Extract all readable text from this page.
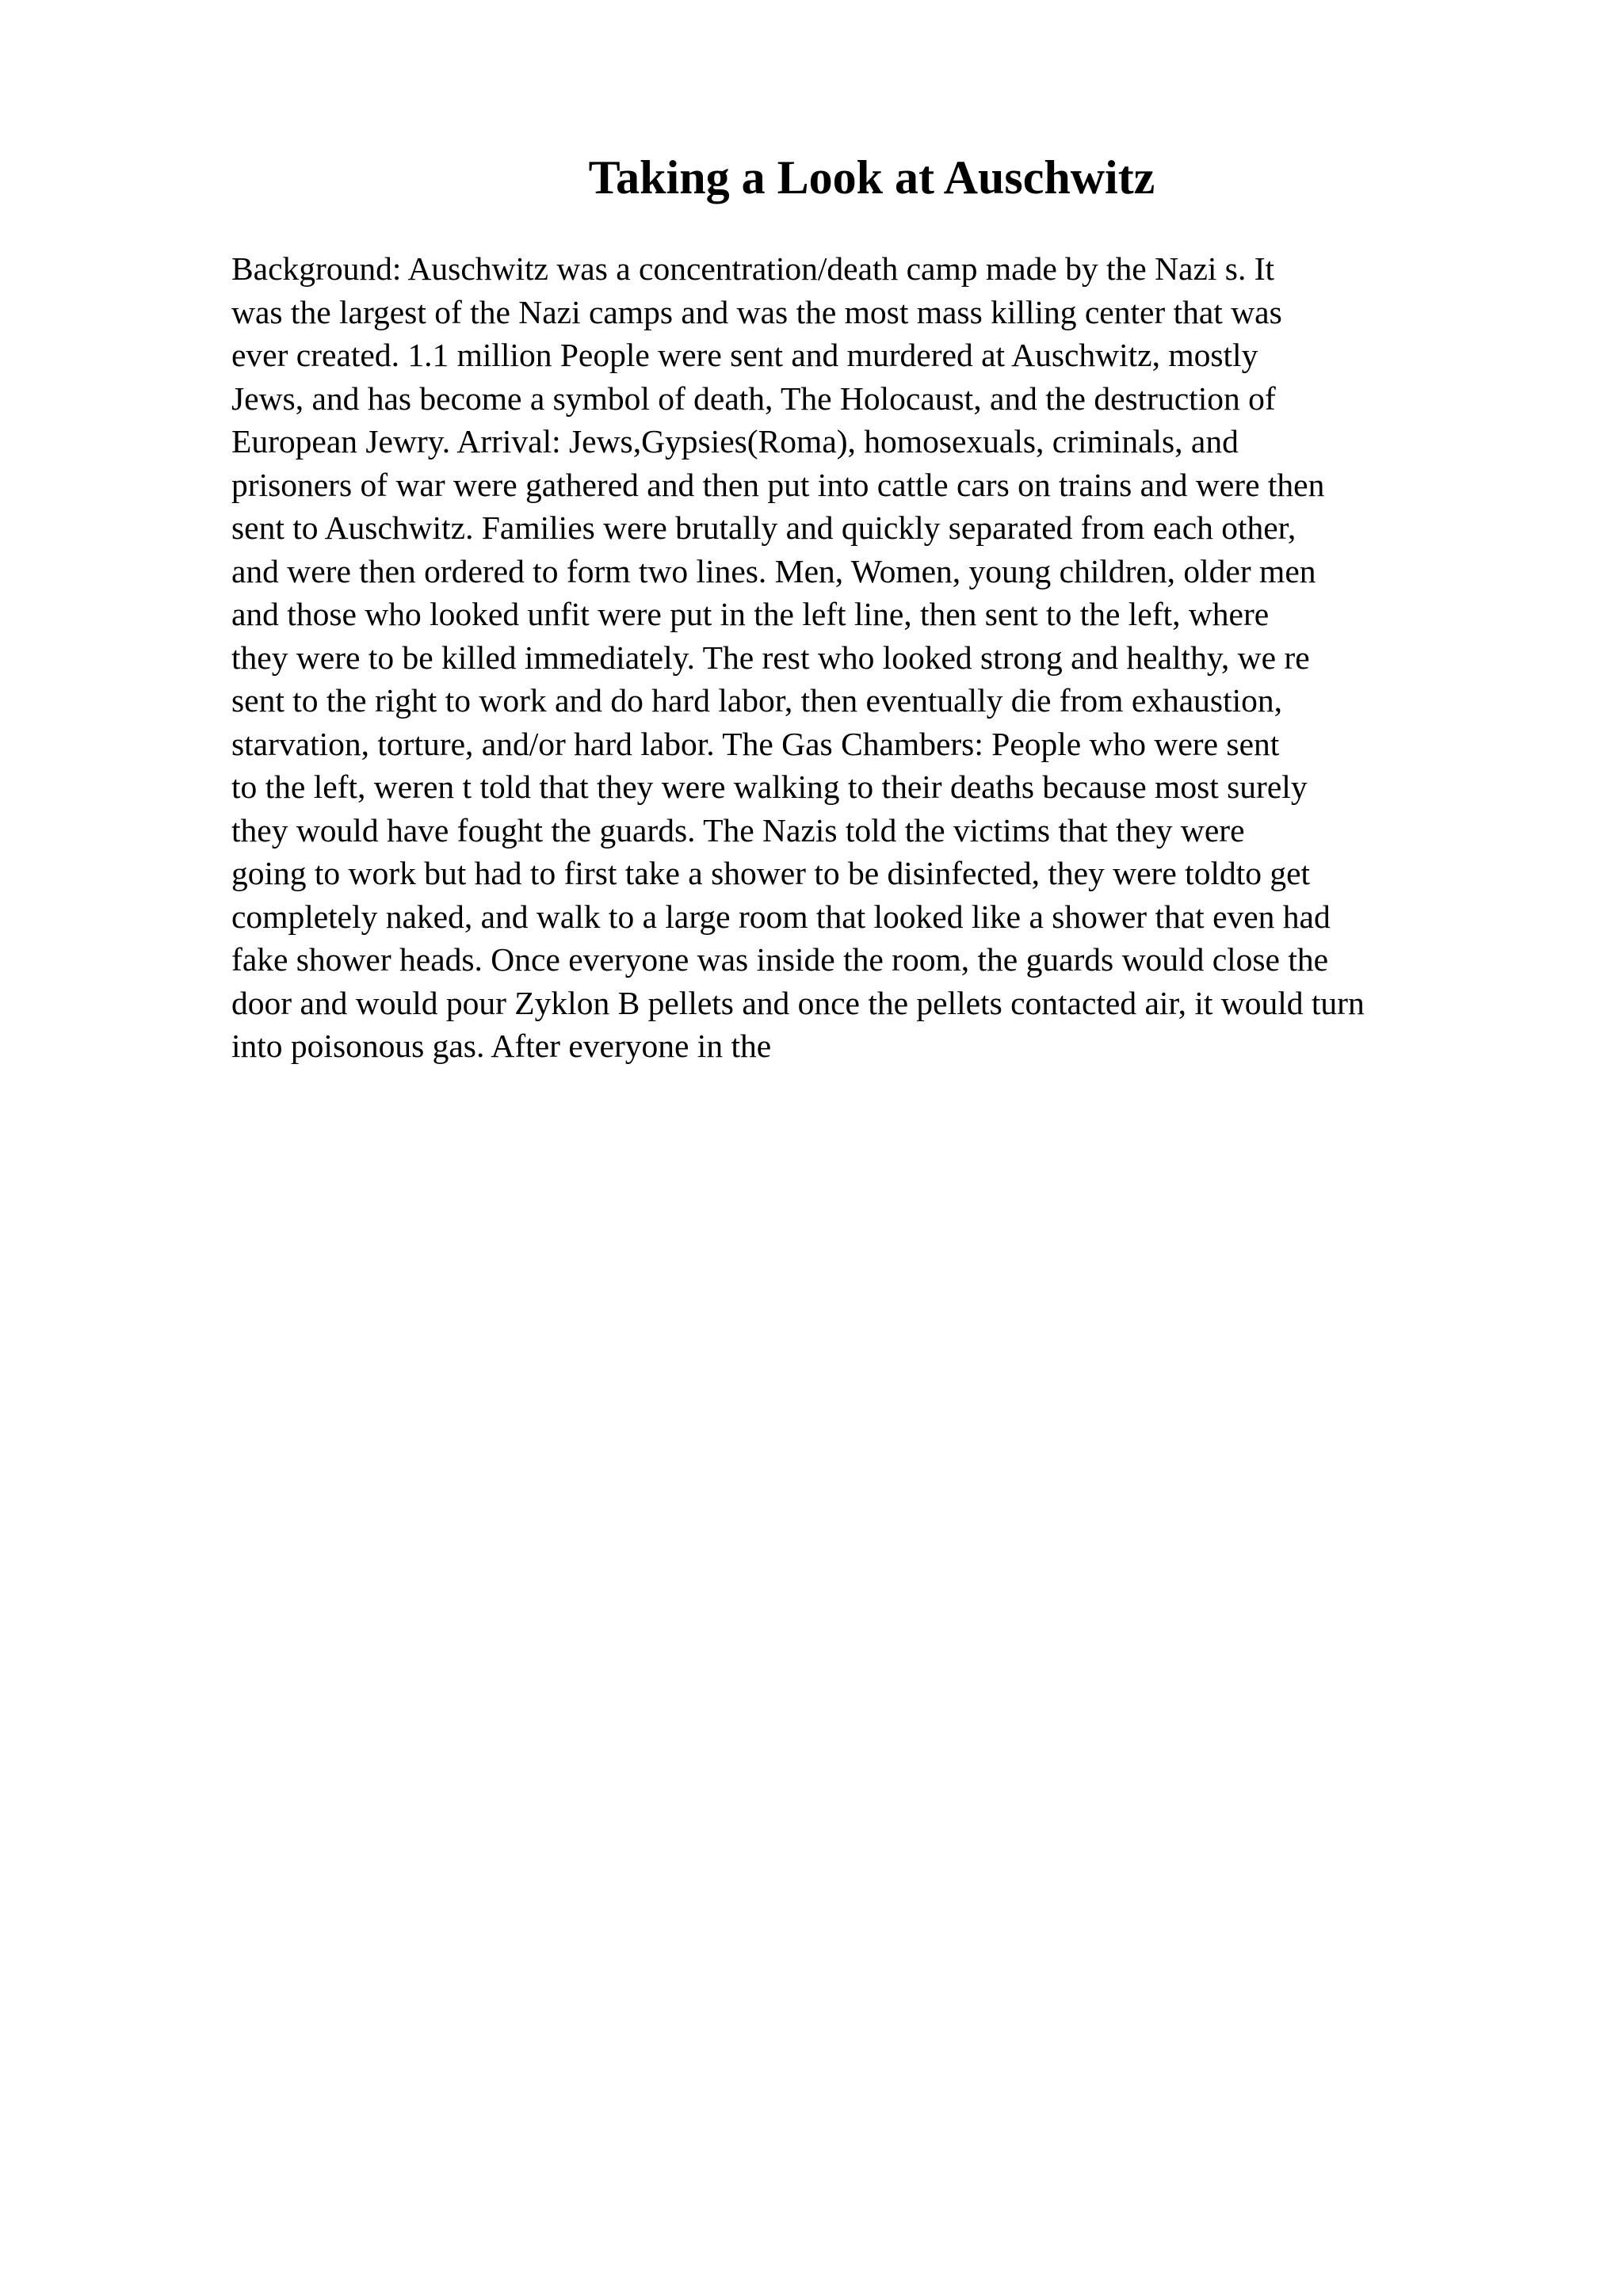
Taking a Look at Auschwitz
Background: Auschwitz was a concentration/death camp made by the Nazi s. It
was the largest of the Nazi camps and was the most mass killing center that was
ever created. 1.1 million People were sent and murdered at Auschwitz, mostly
Jews, and has become a symbol of death, The Holocaust, and the destruction of
European Jewry. Arrival: Jews,Gypsies(Roma), homosexuals, criminals, and
prisoners of war were gathered and then put into cattle cars on trains and were then
sent to Auschwitz. Families were brutally and quickly separated from each other,
and were then ordered to form two lines. Men, Women, young children, older men
and those who looked unfit were put in the left line, then sent to the left, where
they were to be killed immediately. The rest who looked strong and healthy, we re
sent to the right to work and do hard labor, then eventually die from exhaustion,
starvation, torture, and/or hard labor. The Gas Chambers: People who were sent
to the left, weren t told that they were walking to their deaths because most surely
they would have fought the guards. The Nazis told the victims that they were
going to work but had to first take a shower to be disinfected, they were toldto get
completely naked, and walk to a large room that looked like a shower that even had
fake shower heads. Once everyone was inside the room, the guards would close the
door and would pour Zyklon B pellets and once the pellets contacted air, it would turn
into poisonous gas. After everyone in the
